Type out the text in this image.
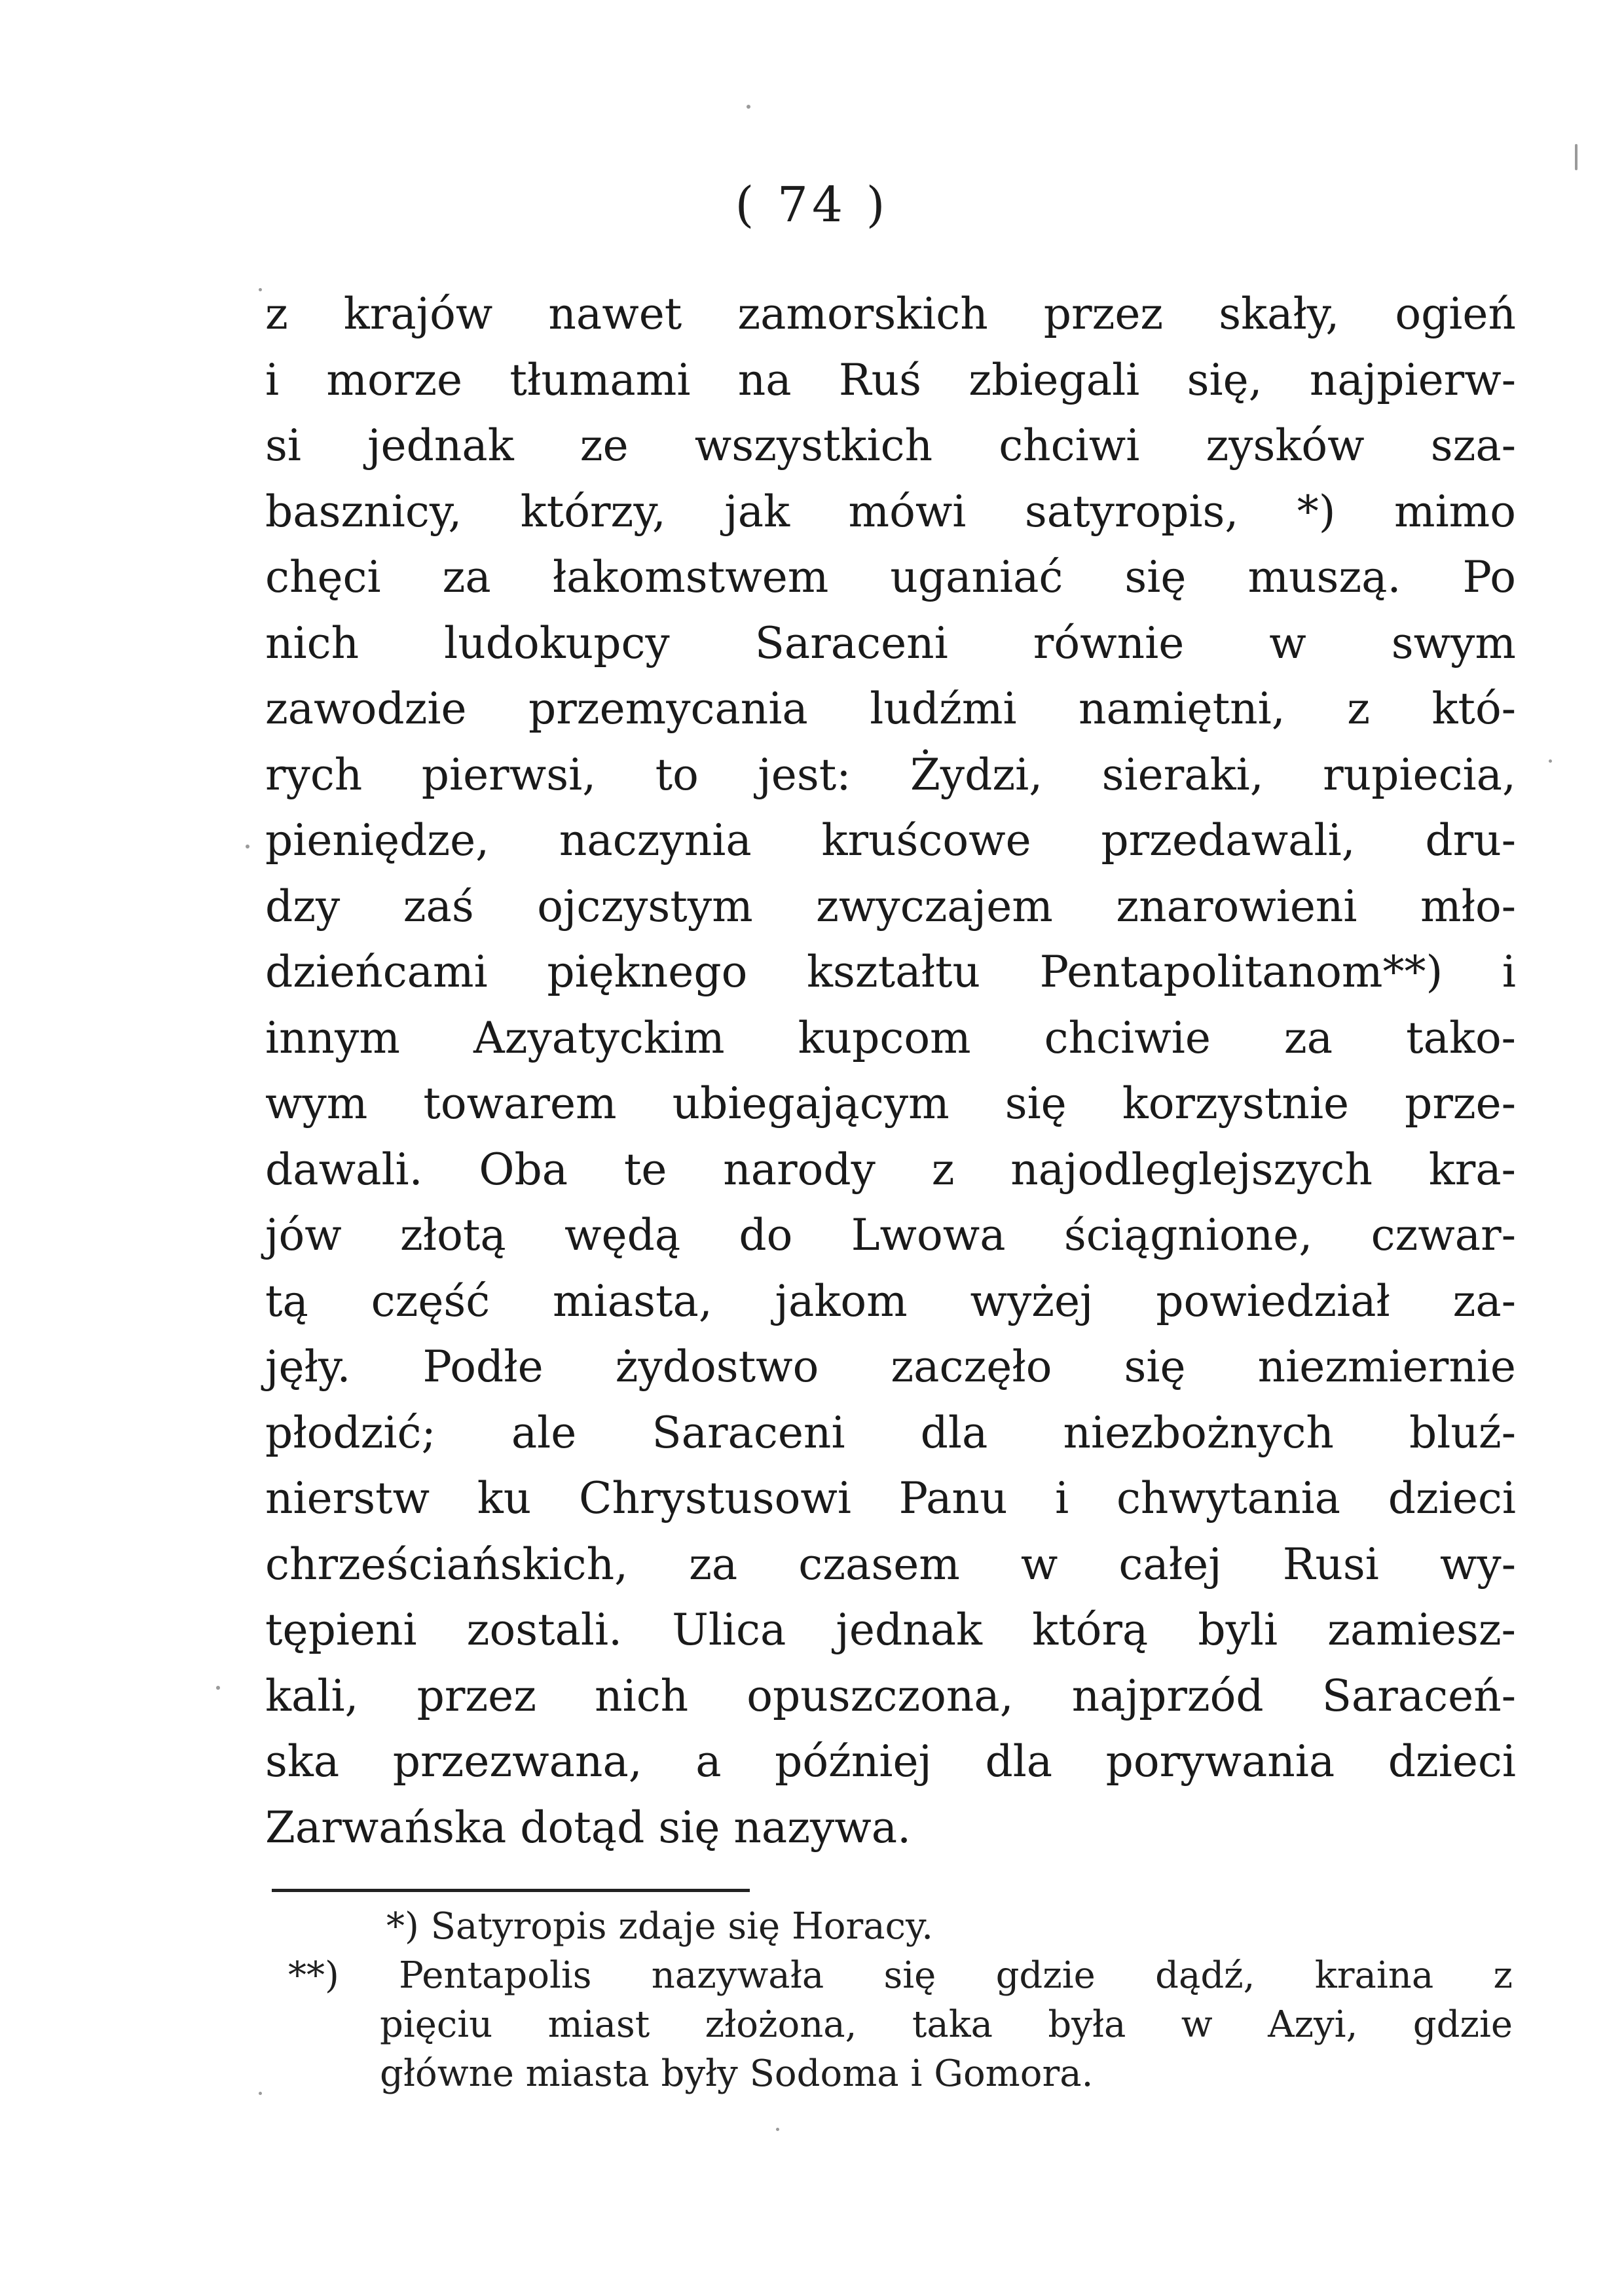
( 74 )
z krajów nawet zamorskich przez skały, ogień
i morze tłumami na Ruś zbiegali się, najpierw-
si jednak ze wszystkich chciwi zysków sza-
basznicy, którzy, jak mówi satyropis, *) mimo
chęci za łakomstwem uganiać się muszą. Po
nich ludokupcy Saraceni równie w swym
zawodzie przemycania ludźmi namiętni, z któ-
rych pierwsi, to jest: Żydzi, sieraki, rupiecia,
pieniędze, naczynia kruścowe przedawali, dru-
dzy zaś ojczystym zwyczajem znarowieni mło-
dzieńcami pięknego kształtu Pentapolitanom**) i
innym Azyatyckim kupcom chciwie za tako-
wym towarem ubiegającym się korzystnie prze-
dawali. Oba te narody z najodleglejszych kra-
jów złotą wędą do Lwowa ściągnione, czwar-
tą część miasta, jakom wyżej powiedział za-
jęły. Podłe żydostwo zaczęło się niezmiernie
płodzić; ale Saraceni dla niezbożnych bluź-
nierstw ku Chrystusowi Panu i chwytania dzieci
chrześciańskich, za czasem w całej Rusi wy-
tępieni zostali. Ulica jednak którą byli zamiesz-
kali, przez nich opuszczona, najprzód Saraceń-
ska przezwana, a później dla porywania dzieci
Zarwańska dotąd się nazywa.
*) Satyropis zdaje się Horacy.
**) Pentapolis nazywała się gdzie dądź, kraina z
pięciu miast złożona, taka była w Azyi, gdzie
główne miasta były Sodoma i Gomora.
